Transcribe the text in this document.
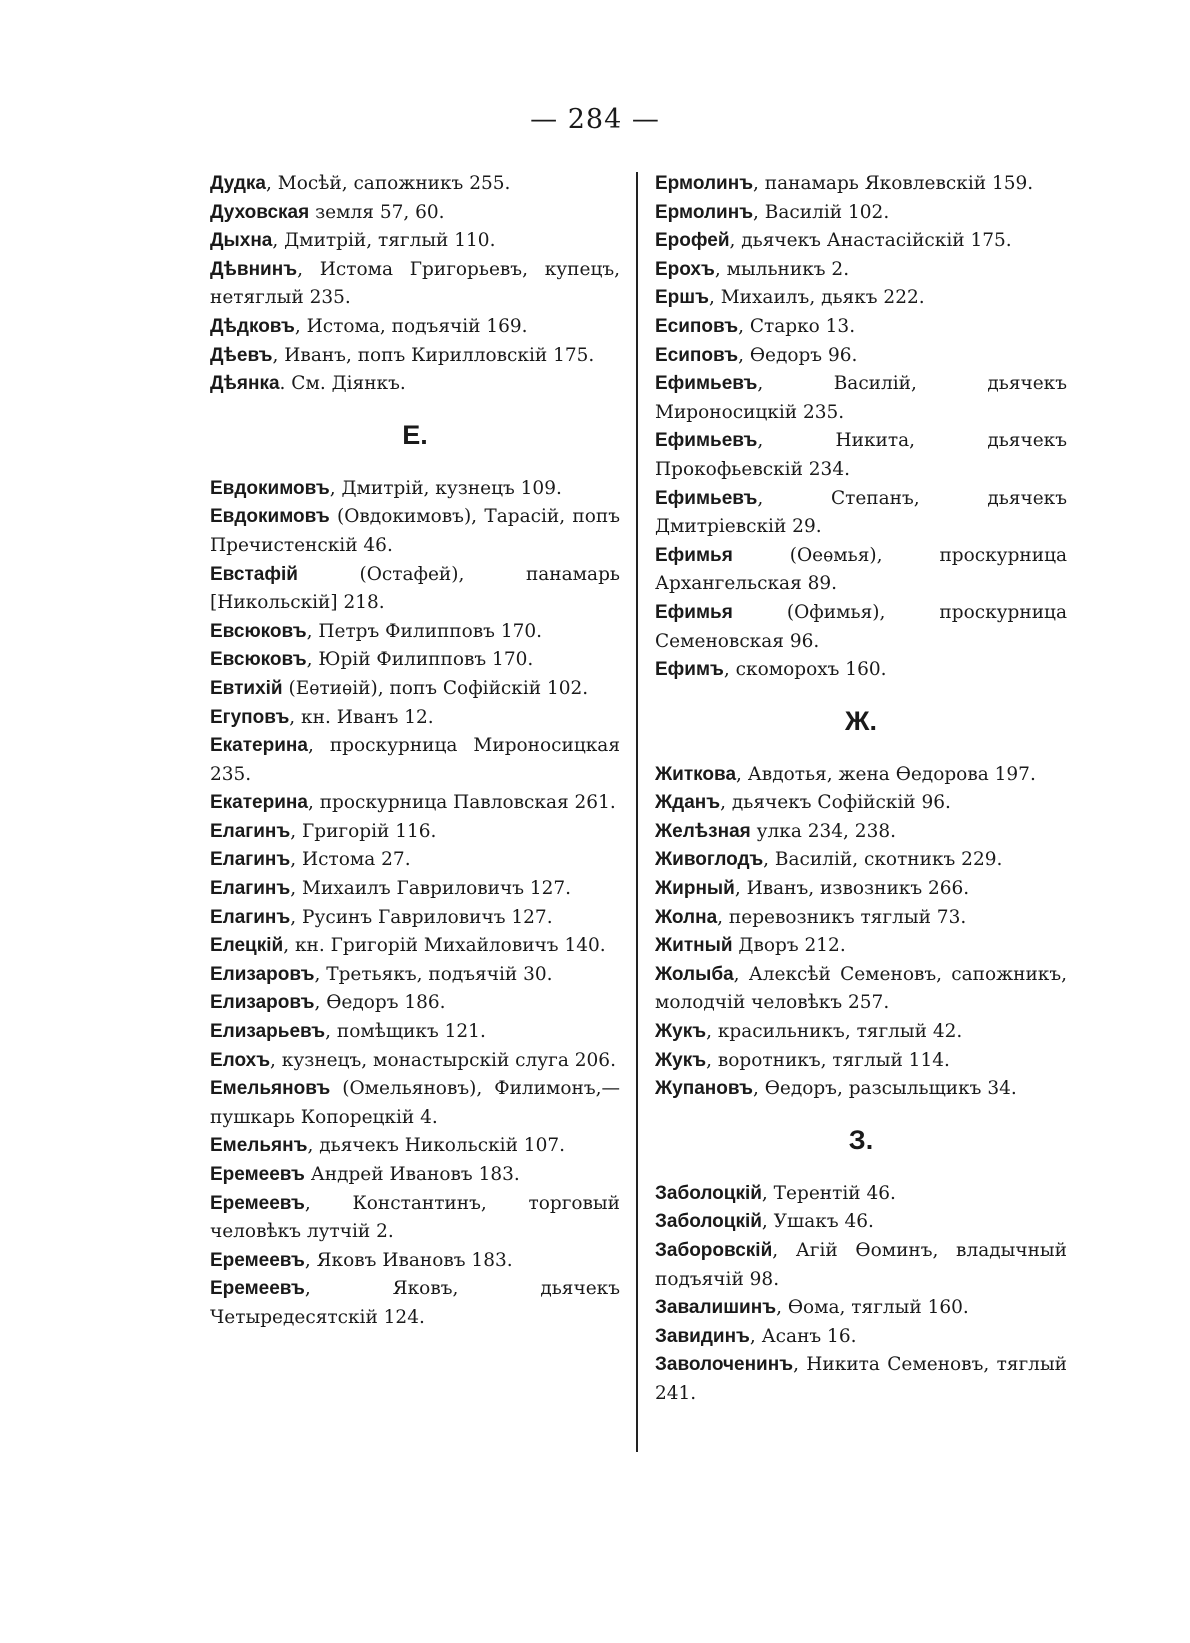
— 284 —
Дудка, Мосѣй, сапожникъ 255.
Духовская земля 57, 60.
Дыхна, Дмитрій, тяглый 110.
Дѣвнинъ, Истома Григорьевъ, купецъ, нетяглый 235.
Дѣдковъ, Истома, подъячій 169.
Дѣевъ, Иванъ, попъ Кирилловскій 175.
Дѣянка. См. Діянкъ.
Е.
Евдокимовъ, Дмитрій, кузнецъ 109.
Евдокимовъ (Овдокимовъ), Тарасій, попъ Пречистенскій 46.
Евстафій (Остафей), панамарь [Никольскій] 218.
Евсюковъ, Петръ Филипповъ 170.
Евсюковъ, Юрій Филипповъ 170.
Евтихій (Еѳтиѳій), попъ Софійскій 102.
Егуповъ, кн. Иванъ 12.
Екатерина, проскурница Мироносицкая 235.
Екатерина, проскурница Павловская 261.
Елагинъ, Григорій 116.
Елагинъ, Истома 27.
Елагинъ, Михаилъ Гавриловичъ 127.
Елагинъ, Русинъ Гавриловичъ 127.
Елецкій, кн. Григорій Михайловичъ 140.
Елизаровъ, Третьякъ, подъячій 30.
Елизаровъ, Ѳедоръ 186.
Елизарьевъ, помѣщикъ 121.
Елохъ, кузнецъ, монастырскій слуга 206.
Емельяновъ (Омельяновъ), Филимонъ,—пушкарь Копорецкій 4.
Емельянъ, дьячекъ Никольскій 107.
Еремеевъ Андрей Ивановъ 183.
Еремеевъ, Константинъ, торговый человѣкъ лутчій 2.
Еремеевъ, Яковъ Ивановъ 183.
Еремеевъ, Яковъ, дьячекъ Четыредесятскій 124.
Ермолинъ, панамарь Яковлевскій 159.
Ермолинъ, Василій 102.
Ерофей, дьячекъ Анастасійскій 175.
Ерохъ, мыльникъ 2.
Ершъ, Михаилъ, дьякъ 222.
Есиповъ, Старко 13.
Есиповъ, Ѳедоръ 96.
Ефимьевъ, Василій, дьячекъ Мироносицкій 235.
Ефимьевъ, Никита, дьячекъ Прокофьевскій 234.
Ефимьевъ, Степанъ, дьячекъ Дмитріевскій 29.
Ефимья (Оеѳмья), проскурница Архангельская 89.
Ефимья (Офимья), проскурница Семеновская 96.
Ефимъ, скоморохъ 160.
Ж.
Житкова, Авдотья, жена Ѳедорова 197.
Жданъ, дьячекъ Софійскій 96.
Желѣзная улка 234, 238.
Живоглодъ, Василій, скотникъ 229.
Жирный, Иванъ, извозникъ 266.
Жолна, перевозникъ тяглый 73.
Житный Дворъ 212.
Жолыба, Алексѣй Семеновъ, сапожникъ, молодчій человѣкъ 257.
Жукъ, красильникъ, тяглый 42.
Жукъ, воротникъ, тяглый 114.
Жупановъ, Ѳедоръ, разсыльщикъ 34.
З.
Заболоцкій, Терентій 46.
Заболоцкій, Ушакъ 46.
Заборовскій, Агій Ѳоминъ, владычный подъячій 98.
Завалишинъ, Ѳома, тяглый 160.
Завидинъ, Асанъ 16.
Заволоченинъ, Никита Семеновъ, тяглый 241.
